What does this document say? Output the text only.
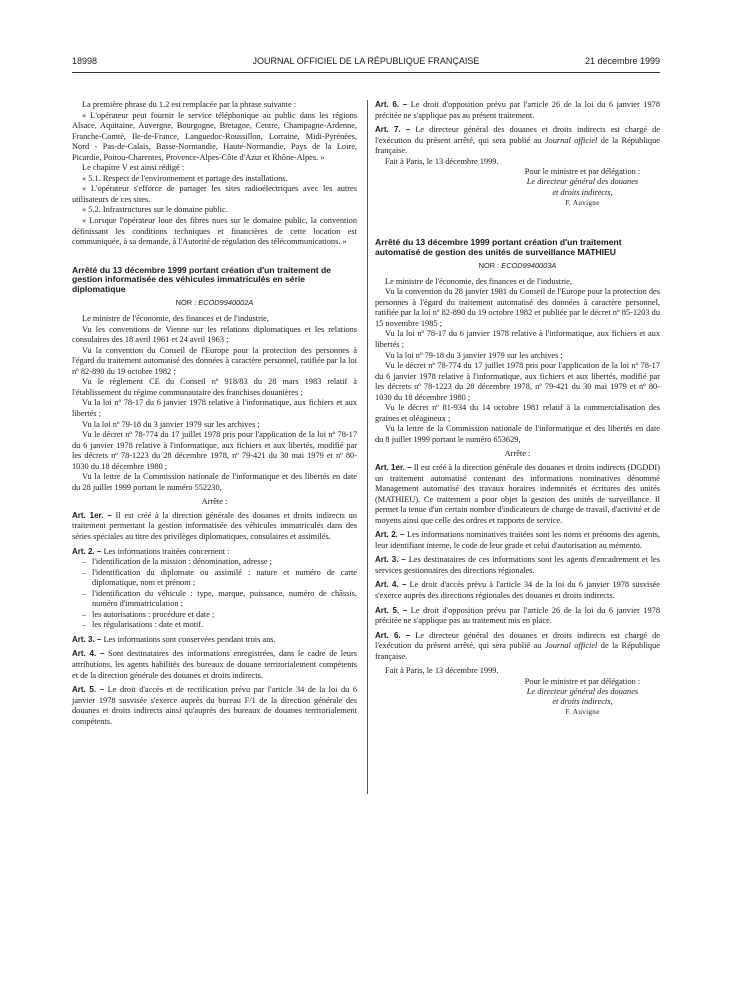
18998	JOURNAL OFFICIEL DE LA RÉPUBLIQUE FRANÇAISE	21 décembre 1999

La première phrase du 1.2 est remplacée par la phrase suivante :

« L'opérateur peut fournir le service téléphonique au public dans les régions Alsace, Aquitaine, Auvergne, Bourgogne, Bretagne, Centre, Champagne-Ardenne, Franche-Comté, Ile-de-France, Languedoc-Roussillon, Lorraine, Midi-Pyrénées, Nord - Pas-de-Calais, Basse-Normandie, Haute-Normandie, Pays de la Loire, Picardie, Poitou-Charentes, Provence-Alpes-Côte d'Azur et Rhône-Alpes. »

Le chapitre V est ainsi rédigé :

« 5.1. Respect de l'environnement et partage des installations.

« L'opérateur s'efforce de partager les sites radioélectriques avec les autres utilisateurs de ces sites.

« 5.2. Infrastructures sur le domaine public.

« Lorsque l'opérateur loue des fibres nues sur le domaine public, la convention définissant les conditions techniques et financières de cette location est communiquée, à sa demande, à l'Autorité de régulation des télécommunications. »

Arrêté du 13 décembre 1999 portant création d'un traitement de gestion informatisée des véhicules immatriculés en série diplomatique
NOR : ECOD9940002A

Le ministre de l'économie, des finances et de l'industrie,

Vu les conventions de Vienne sur les relations diplomatiques et les relations consulaires des 18 avril 1961 et 24 avril 1963 ;

Vu la convention du Conseil de l'Europe pour la protection des personnes à l'égard du traitement automatisé des données à caractère personnel, ratifiée par la loi nº 82-890 du 19 octobre 1982 ;

Vu le règlement CE du Conseil nº 918/83 du 28 mars 1983 relatif à l'établissement du régime communautaire des franchises douanières ;

Vu la loi nº 78-17 du 6 janvier 1978 relative à l'informatique, aux fichiers et aux libertés ;

Vu la loi nº 79-18 du 3 janvier 1979 sur les archives ;

Vu le décret nº 78-774 du 17 juillet 1978 pris pour l'application de la loi nº 78-17 du 6 janvier 1978 relative à l'informatique, aux fichiers et aux libertés, modifié par les décrets nº 78-1223 du 28 décembre 1978, nº 79-421 du 30 mai 1979 et nº 80-1030 du 18 décembre 1980 ;

Vu la lettre de la Commission nationale de l'informatique et des libertés en date du 28 juillet 1999 portant le numéro 552230,

Arrête :

Art. 1er. – Il est créé à la direction générale des douanes et droits indirects un traitement permettant la gestion informatisée des véhicules immatriculés dans des séries spéciales au titre des privilèges diplomatiques, consulaires et assimilés.

Art. 2. – Les informations traitées concernent :

– l'identification de la mission : dénomination, adresse ;
– l'identification du diplomate ou assimilé : nature et numéro de carte diplomatique, nom et prénom ;
– l'identification du véhicule : type, marque, puissance, numéro de châssis, numéro d'immatriculation ;
– les autorisations : procédure et date ;
– les régularisations : date et motif.

Art. 3. – Les informations sont conservées pendant trois ans.

Art. 4. – Sont destinataires des informations enregistrées, dans le cadre de leurs attributions, les agents habilités des bureaux de douane territorialement compétents et de la direction générale des douanes et droits indirects.

Art. 5. – Le droit d'accès et de rectification prévu par l'article 34 de la loi du 6 janvier 1978 susvisée s'exerce auprès du bureau F/1 de la direction générale des douanes et droits indirects ainsi qu'auprès des bureaux de douanes territorialement compétents.

Art. 6. – Le droit d'opposition prévu par l'article 26 de la loi du 6 janvier 1978 précitée ne s'applique pas au présent traitement.

Art. 7. – Le directeur général des douanes et droits indirects est chargé de l'exécution du présent arrêté, qui sera publié au Journal officiel de la République française.

Fait à Paris, le 13 décembre 1999.

Pour le ministre et par délégation :
Le directeur général des douanes
et droits indirects,
F. Auvigne
Arrêté du 13 décembre 1999 portant création d'un traitement automatisé de gestion des unités de surveillance MATHIEU
NOR : ECOD9940003A

Le ministre de l'économie, des finances et de l'industrie,

Vu la convention du 28 janvier 1981 du Conseil de l'Europe pour la protection des personnes à l'égard du traitement automatisé des données à caractère personnel, ratifiée par la loi nº 82-890 du 19 octobre 1982 et publiée par le décret nº 85-1203 du 15 novembre 1985 ;

Vu la loi nº 78-17 du 6 janvier 1978 relative à l'informatique, aux fichiers et aux libertés ;

Vu la loi nº 79-18 du 3 janvier 1979 sur les archives ;

Vu le décret nº 78-774 du 17 juillet 1978 pris pour l'application de la loi nº 78-17 du 6 janvier 1978 relative à l'informatique, aux fichiers et aux libertés, modifié par les décrets nº 78-1223 du 28 décembre 1978, nº 79-421 du 30 mai 1979 et nº 80-1030 du 18 décembre 1980 ;

Vu le décret nº 81-934 du 14 octobre 1981 relatif à la commercialisation des graines et oléagineux ;

Vu la lettre de la Commission nationale de l'informatique et des libertés en date du 8 juillet 1999 portant le numéro 653629,

Arrête :

Art. 1er. – Il est créé à la direction générale des douanes et droits indirects (DGDDI) un traitement automatisé contenant des informations nominatives dénommé Management automatisé des travaux horaires indemnités et écritures des unités (MATHIEU). Ce traitement a pour objet la gestion des unités de surveillance. Il permet la tenue d'un certain nombre d'indicateurs de charge de travail, d'activité et de moyens ainsi que celle des ordres et rapports de service.

Art. 2. – Les informations nominatives traitées sont les noms et prénoms des agents, leur identifiant interne, le code de leur grade et celui d'autorisation au mémento.

Art. 3. – Les destinataires de ces informations sont les agents d'encadrement et les services gestionnaires des directions régionales.

Art. 4. – Le droit d'accès prévu à l'article 34 de la loi du 6 janvier 1978 susvisée s'exerce auprès des directions régionales des douanes et droits indirects.

Art. 5. – Le droit d'opposition prévu par l'article 26 de la loi du 6 janvier 1978 précitée ne s'applique pas au traitement mis en place.

Art. 6. – Le directeur général des douanes et droits indirects est chargé de l'exécution du présent arrêté, qui sera publié au Journal officiel de la République française.

Fait à Paris, le 13 décembre 1999.

Pour le ministre et par délégation :
Le directeur général des douanes
et droits indirects,
F. Auvigne
